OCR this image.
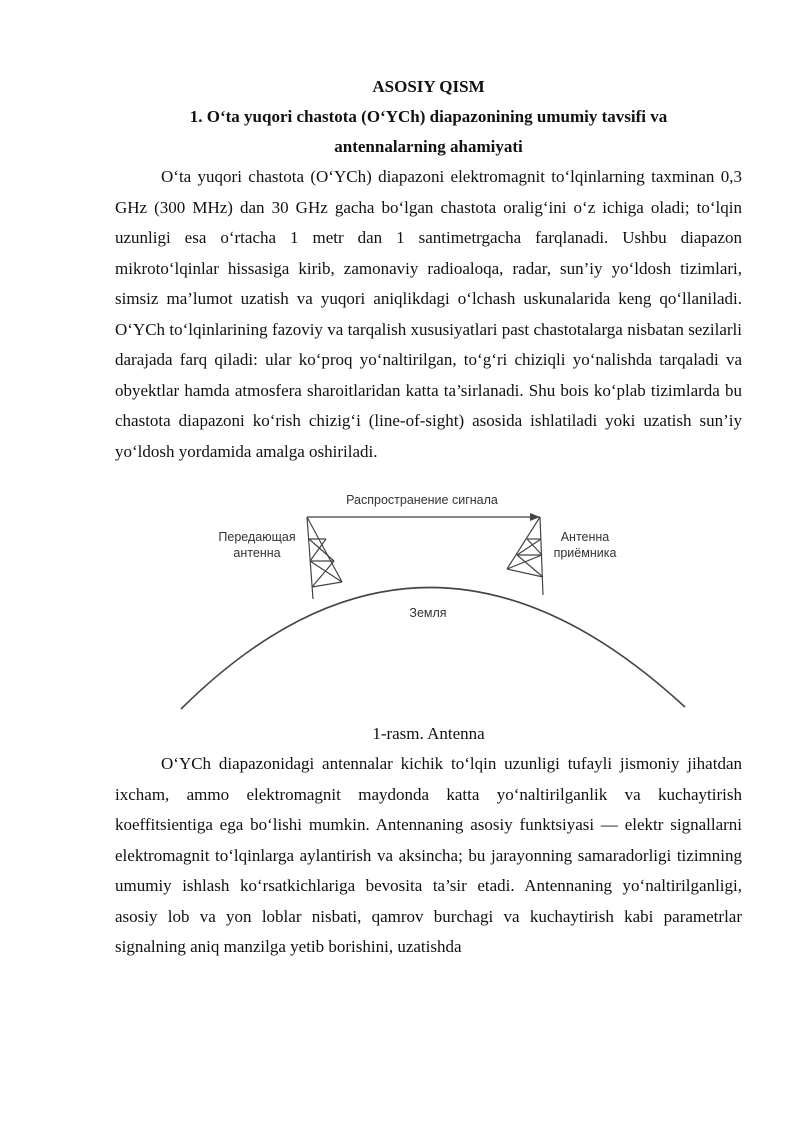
ASOSIY QISM

1. O‘ta yuqori chastota (O‘YCh) diapazonining umumiy tavsifi va

antennalarning ahamiyati

O‘ta yuqori chastota (O‘YCh) diapazoni elektromagnit to‘lqinlarning taxminan 0,3 GHz (300 MHz) dan 30 GHz gacha bo‘lgan chastota oralig‘ini o‘z ichiga oladi; to‘lqin uzunligi esa o‘rtacha 1 metr dan 1 santimetrgacha farqlanadi. Ushbu diapazon mikroto‘lqinlar hissasiga kirib, zamonaviy radioaloqa, radar, sun’iy yo‘ldosh tizimlari, simsiz ma’lumot uzatish va yuqori aniqlikdagi o‘lchash uskunalarida keng qo‘llaniladi. O‘YCh to‘lqinlarining fazoviy va tarqalish xususiyatlari past chastotalarga nisbatan sezilarli darajada farq qiladi: ular ko‘proq yo‘naltirilgan, to‘g‘ri chiziqli yo‘nalishda tarqaladi va obyektlar hamda atmosfera sharoitlaridan katta ta’sirlanadi. Shu bois ko‘plab tizimlarda bu chastota diapazoni ko‘rish chizig‘i (line-of-sight) asosida ishlatiladi yoki uzatish sun’iy yo‘ldosh yordamida amalga oshiriladi.

Распространение сигнала
Передающая
антенна
Антенна
приёмника
Земля

1-rasm. Antenna

O‘YCh diapazonidagi antennalar kichik to‘lqin uzunligi tufayli jismoniy jihatdan ixcham, ammo elektromagnit maydonda katta yo‘naltirilganlik va kuchaytirish koeffitsientiga ega bo‘lishi mumkin. Antennaning asosiy funktsiyasi — elektr signallarni elektromagnit to‘lqinlarga aylantirish va aksincha; bu jarayonning samaradorligi tizimning umumiy ishlash ko‘rsatkichlariga bevosita ta’sir etadi. Antennaning yo‘naltirilganligi, asosiy lob va yon loblar nisbati, qamrov burchagi va kuchaytirish kabi parametrlar signalning aniq manzilga yetib borishini, uzatishda
